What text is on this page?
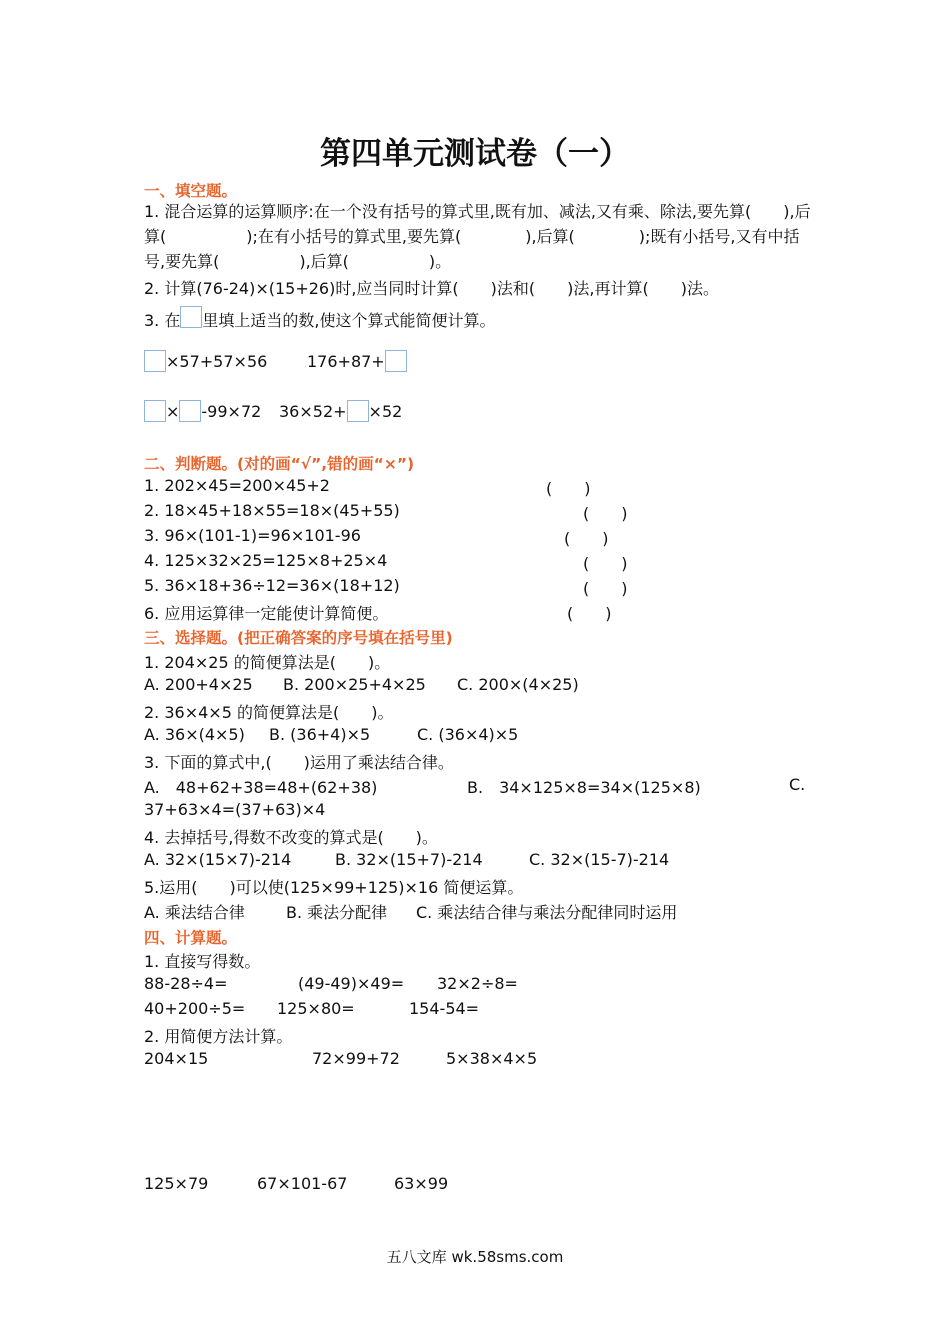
第四单元测试卷（一）
一、填空题。
1. 混合运算的运算顺序:在一个没有括号的算式里,既有加、减法,又有乘、除法,要先算(　　),后算(　　　　　);在有小括号的算式里,要先算(　　　　),后算(　　　　);既有小括号,又有中括号,要先算(　　　　　),后算(　　　　　)。
2. 计算(76-24)×(15+26)时,应当同时计算(　　)法和(　　)法,再计算(　　)法。
3. 在 里填上适当的数,使这个算式能简便计算。
×57+57×56 176+87+
× -99×72 36×52+ ×52
二、判断题。(对的画“√”,错的画“×”)
1. 202×45=200×45+2	(　　)
2. 18×45+18×55=18×(45+55)	(　　)
3. 96×(101-1)=96×101-96	(　　)
4. 125×32×25=125×8+25×4	(　　)
5. 36×18+36÷12=36×(18+12)	(　　)
6. 应用运算律一定能使计算简便。	(　　)
三、选择题。(把正确答案的序号填在括号里)
1. 204×25 的简便算法是(　　)。
A. 200+4×25 B. 200×25+4×25 C. 200×(4×25)
2. 36×4×5 的简便算法是(　　)。
A. 36×(4×5) B. (36+4)×5	C. (36×4)×5
3. 下面的算式中,(　　)运用了乘法结合律。
A.　48+62+38=48+(62+38)	B.　34×125×8=34×(125×8)	C.
37+63×4=(37+63)×4
4. 去掉括号,得数不改变的算式是(　　)。
A. 32×(15×7)-214	B. 32×(15+7)-214	C. 32×(15-7)-214
5.运用(　　)可以使(125×99+125)×16 简便运算。
A. 乘法结合律	B. 乘法分配律 C. 乘法结合律与乘法分配律同时运用
四、计算题。
1. 直接写得数。
88-28÷4=	(49-49)×49= 32×2÷8=
40+200÷5= 125×80=	154-54=
2. 用简便方法计算。
204×15	72×99+72	5×38×4×5
125×79	67×101-67	63×99
五八文库 wk.58sms.com
